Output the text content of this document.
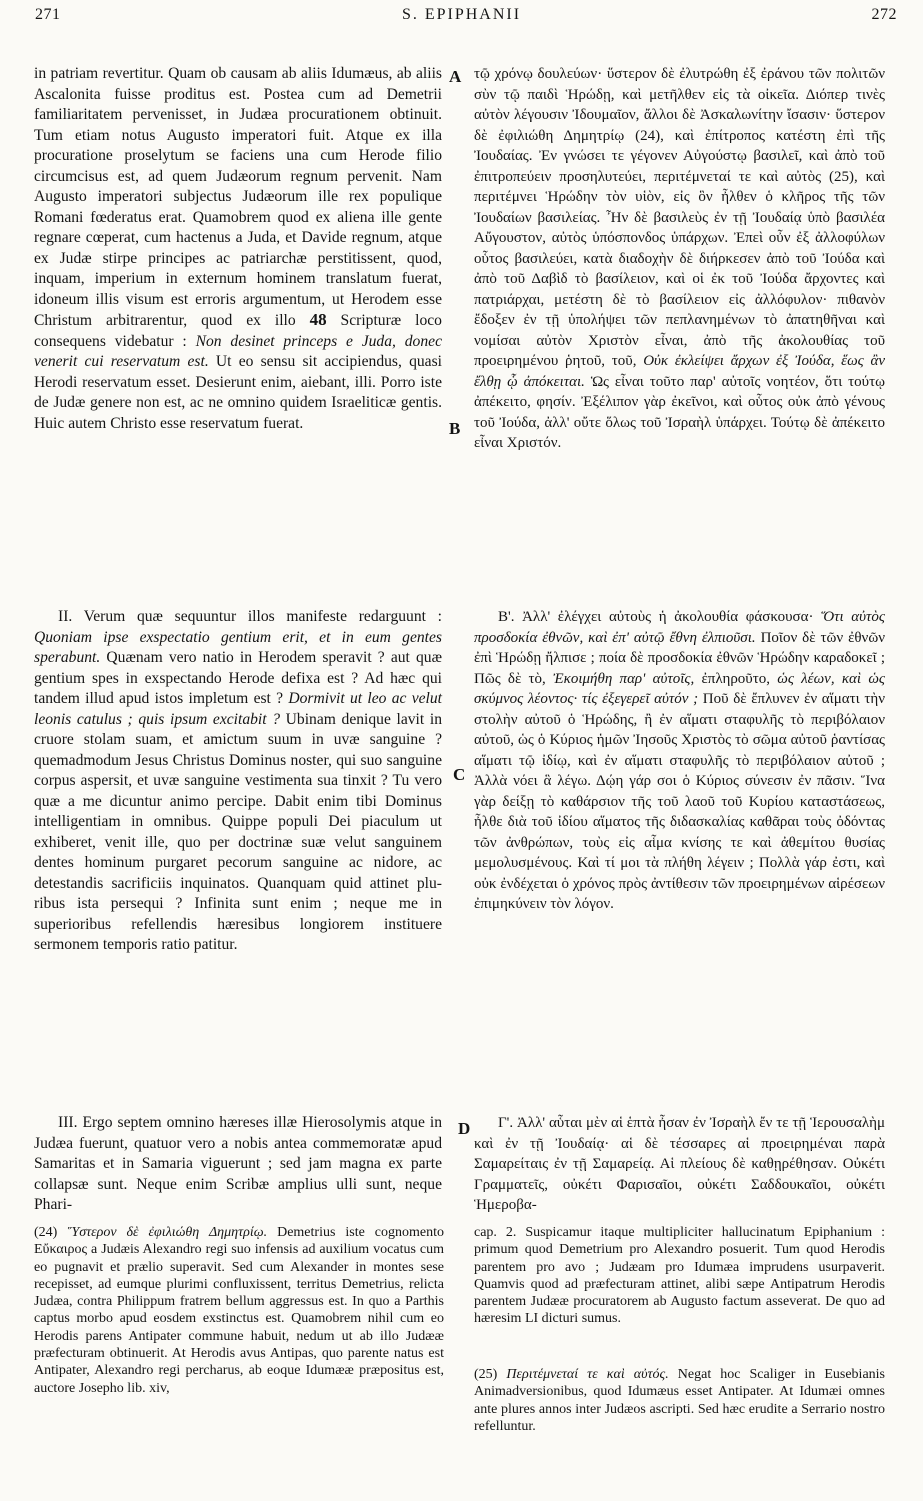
271	S. EPIPHANII	272
A
B
C
D

in patriam revertitur. Quam ob causam ab aliis Idumæus, ab aliis Ascalonita fuisse proditus est. Postea cum ad Demetrii familiaritatem pervenisset, in Judæa procurationem obtinuit. Tum etiam notus Augusto imperatori fuit. Atque ex illa procuratione proselytum se faciens una cum Herode filio circumcisus est, ad quem Judæorum regnum pervenit. Nam Augusto imperatori subjectus Judæorum ille rex populique Romani fœderatus erat. Quamobrem quod ex aliena ille gente regnare cœperat, cum hactenus a Juda, et Davide regnum, atque ex Judæ stirpe principes ac patriarchæ perstitissent, quod, inquam, imperium in externum hominem translatum fuerat, idoneum illis visum est erroris argumentum, ut Herodem esse Christum arbitrarentur, quod ex illo 48 Scripturæ loco consequens videbatur : Non desinet princeps e Juda, donec venerit cui reservatum est. Ut eo sensu sit accipiendus, quasi Herodi reservatum esset. Desierunt enim, aiebant, illi. Porro iste de Judæ genere non est, ac ne omnino quidem Israeliticæ gentis. Huic autem Christo esse reservatum fuerat.

II. Verum quæ sequuntur illos manifeste redarguunt : Quoniam ipse exspectatio gentium erit, et in eum gentes sperabunt. Quænam vero natio in Herodem speravit ? aut quæ gentium spes in exspectando Herode defixa est ? Ad hæc qui tandem illud apud istos impletum est ? Dormivit ut leo ac velut leonis catulus ; quis ipsum excitabit ? Ubinam denique lavit in cruore stolam suam, et amictum suum in uvæ sanguine ? quemadmodum Jesus Christus Dominus noster, qui suo sanguine corpus aspersit, et uvæ sanguine vestimenta sua tinxit ? Tu vero quæ a me dicuntur animo percipe. Dabit enim tibi Dominus intelligentiam in omnibus. Quippe populi Dei piaculum ut exhiberet, venit ille, quo per doctrinæ suæ velut sanguinem dentes hominum purgaret pecorum sanguine ac nidore, ac detestandis sacrificiis inquinatos. Quanquam quid attinet pluribus ista persequi ? Infinita sunt enim ; neque me in superioribus refellendis hæresibus longiorem instituere sermonem temporis ratio patitur.

III. Ergo septem omnino hæreses illæ Hierosolymis atque in Judæa fuerunt, quatuor vero a nobis antea commemoratæ apud Samaritas et in Samaria viguerunt ; sed jam magna ex parte collapsæ sunt. Neque enim Scribæ amplius ulli sunt, neque Phari-

τῷ χρόνῳ δουλεύων· ὕστερον δὲ ἐλυτρώθη ἐξ ἐράνου τῶν πολιτῶν σὺν τῷ παιδὶ Ἡρώδῃ, καὶ μετῆλθεν εἰς τὰ οἰκεῖα. Διόπερ τινὲς αὐτὸν λέγουσιν Ἰδουμαῖον, ἄλλοι δὲ Ἀσκαλωνίτην ἴσασιν· ὕστερον δὲ ἐφιλιώθη Δημητρίῳ (24), καὶ ἐπίτροπος κατέστη ἐπὶ τῆς Ἰουδαίας. Ἐν γνώσει τε γέγονεν Αὐγούστῳ βασιλεῖ, καὶ ἀπὸ τοῦ ἐπιτροπεύειν προσηλυτεύει, περιτέμνεταί τε καὶ αὐτὸς (25), καὶ περιτέμνει Ἡρώδην τὸν υἱὸν, εἰς ὃν ἦλθεν ὁ κλῆρος τῆς τῶν Ἰουδαίων βασιλείας. Ἦν δὲ βασιλεὺς ἐν τῇ Ἰουδαίᾳ ὑπὸ βασιλέα Αὔγουστον, αὐτὸς ὑπόσπονδος ὑπάρχων. Ἐπεὶ οὖν ἐξ ἀλλοφύλων οὗτος βασιλεύει, κατὰ διαδοχὴν δὲ διήρκεσεν ἀπὸ τοῦ Ἰούδα καὶ ἀπὸ τοῦ Δαβὶδ τὸ βασίλειον, καὶ οἱ ἐκ τοῦ Ἰούδα ἄρχοντες καὶ πατριάρχαι, μετέστη δὲ τὸ βασίλειον εἰς ἀλλόφυλον· πιθανὸν ἔδοξεν ἐν τῇ ὑπολήψει τῶν πεπλανημένων τὸ ἀπατηθῆναι καὶ νομίσαι αὐτὸν Χριστὸν εἶναι, ἀπὸ τῆς ἀκολουθίας τοῦ προειρημένου ῥητοῦ, τοῦ, Οὐκ ἐκλείψει ἄρχων ἐξ Ἰούδα, ἕως ἂν ἔλθῃ ᾧ ἀπόκειται. Ὡς εἶναι τοῦτο παρ' αὐτοῖς νοητέον, ὅτι τούτῳ ἀπέκειτο, φησίν. Ἐξέλιπον γὰρ ἐκεῖνοι, καὶ οὗτος οὐκ ἀπὸ γένους τοῦ Ἰούδα, ἀλλ' οὔτε ὅλως τοῦ Ἰσραὴλ ὑπάρχει. Τούτῳ δὲ ἀπέκειτο εἶναι Χριστόν.

Β'. Ἀλλ' ἐλέγχει αὐτοὺς ἡ ἀκολουθία φάσκουσα· Ὅτι αὐτὸς προσδοκία ἐθνῶν, καὶ ἐπ' αὐτῷ ἔθνη ἐλπιοῦσι. Ποῖον δὲ τῶν ἐθνῶν ἐπὶ Ἡρώδῃ ἤλπισε ; ποία δὲ προσδοκία ἐθνῶν Ἡρώδην καραδοκεῖ ; Πῶς δὲ τὸ, Ἐκοιμήθη παρ' αὐτοῖς, ἐπληροῦτο, ὡς λέων, καὶ ὡς σκύμνος λέοντος· τίς ἐξεγερεῖ αὐτόν ; Ποῦ δὲ ἔπλυνεν ἐν αἵματι τὴν στολὴν αὐτοῦ ὁ Ἡρώδης, ἢ ἐν αἵματι σταφυλῆς τὸ περιβόλαιον αὐτοῦ, ὡς ὁ Κύριος ἡμῶν Ἰησοῦς Χριστὸς τὸ σῶμα αὐτοῦ ῥαντίσας αἵματι τῷ ἰδίῳ, καὶ ἐν αἵματι σταφυλῆς τὸ περιβόλαιον αὐτοῦ ; Ἀλλὰ νόει ἃ λέγω. Δῴη γάρ σοι ὁ Κύριος σύνεσιν ἐν πᾶσιν. Ἵνα γὰρ δείξῃ τὸ καθάρσιον τῆς τοῦ λαοῦ τοῦ Κυρίου καταστάσεως, ἦλθε διὰ τοῦ ἰδίου αἵματος τῆς διδασκαλίας καθᾶραι τοὺς ὀδόντας τῶν ἀνθρώπων, τοὺς εἰς αἷμα κνίσης τε καὶ ἀθεμίτου θυσίας μεμολυσμένους. Καὶ τί μοι τὰ πλήθη λέγειν ; Πολλὰ γάρ ἐστι, καὶ οὐκ ἐνδέχεται ὁ χρόνος πρὸς ἀντίθεσιν τῶν προειρημένων αἱρέσεων ἐπιμηκύνειν τὸν λόγον.

Γ'. Ἀλλ' αὗται μὲν αἱ ἑπτὰ ἦσαν ἐν Ἰσραὴλ ἔν τε τῇ Ἱερουσαλὴμ καὶ ἐν τῇ Ἰουδαίᾳ· αἱ δὲ τέσσαρες αἱ προειρημέναι παρὰ Σαμαρείταις ἐν τῇ Σαμαρείᾳ. Αἱ πλείους δὲ καθῃρέθησαν. Οὐκέτι Γραμματεῖς, οὐκέτι Φαρισαῖοι, οὐκέτι Σαδδουκαῖοι, οὐκέτι Ἡμεροβα-

(24) Ὕστερον δὲ ἐφιλιώθη Δημητρίῳ. Demetrius iste cognomento Εὔκαιρος a Judæis Alexandro regi suo infensis ad auxilium vocatus cum eo pugnavit et prælio superavit. Sed cum Alexander in montes sese recepisset, ad eumque plurimi confluxissent, territus Demetrius, relicta Judæa, contra Philippum fratrem bellum aggressus est. In quo a Parthis captus morbo apud eosdem exstinctus est. Quamobrem nihil cum eo Herodis parens Antipater commune habuit, nedum ut ab illo Judææ præfecturam obtinuerit. At Herodis avus Antipas, quo parente natus est Antipater, Alexandro regi percharus, ab eoque Idumææ præpositus est, auctore Josepho lib. xiv,

cap. 2. Suspicamur itaque multipliciter hallucinatum Epiphanium : primum quod Demetrium pro Alexandro posuerit. Tum quod Herodis parentem pro avo ; Judæam pro Idumæa imprudens usurpaverit. Quamvis quod ad præfecturam attinet, alibi sæpe Antipatrum Herodis parentem Judææ procuratorem ab Augusto factum asseverat. De quo ad hæresim LI dicturi sumus.

(25) Περιτέμνεταί τε καὶ αὐτός. Negat hoc Scaliger in Eusebianis Animadversionibus, quod Idumæus esset Antipater. At Idumæi omnes ante plures annos inter Judæos ascripti. Sed hæc erudite a Serrario nostro refelluntur.
